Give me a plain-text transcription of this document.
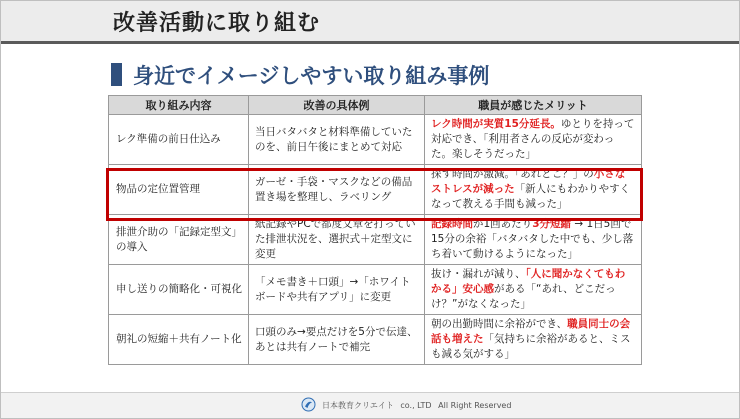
改善活動に取り組む
身近でイメージしやすい取り組み事例
取り組み内容	改善の具体例	職員が感じたメリット
レク準備の前日仕込み	当日バタバタと材料準備していたのを、前日午後にまとめて対応	レク時間が実質15分延長。ゆとりを持って対応でき、「利用者さんの反応が変わった。楽しそうだった」
物品の定位置管理	ガーゼ・手袋・マスクなどの備品置き場を整理し、ラベリング	探す時間が激減。「あれどこ？」の小さなストレスが減った「新人にもわかりやすくなって教える手間も減った」
排泄介助の「記録定型文」の導入	紙記録やPCで都度文章を打っていた排泄状況を、選択式＋定型文に変更	記録時間が1回あたり3分短縮 → 1日5回で15分の余裕「バタバタした中でも、少し落ち着いて動けるようになった」
申し送りの簡略化・可視化	「メモ書き＋口頭」→「ホワイトボードや共有アプリ」に変更	抜け・漏れが減り、「人に聞かなくてもわかる」安心感がある「“あれ、どこだっけ？”がなくなった」
朝礼の短縮＋共有ノート化	口頭のみ→要点だけを5分で伝達、あとは共有ノートで補完	朝の出勤時間に余裕ができ、職員同士の会話も増えた「気持ちに余裕があると、ミスも減る気がする」
日本教育クリエイト co., LTD All Right Reserved
